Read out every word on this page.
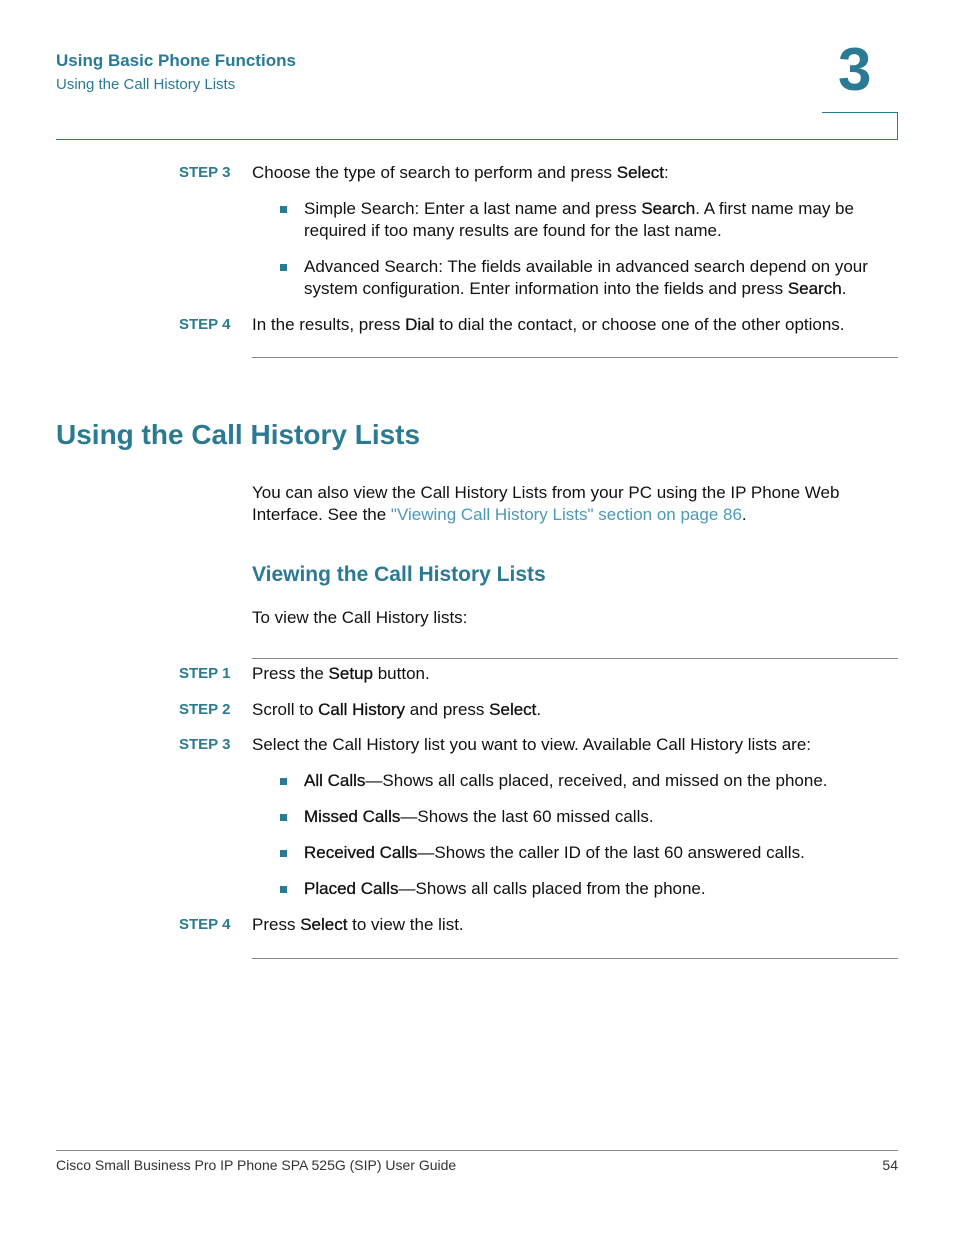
Using Basic Phone Functions
Using the Call History Lists	3
STEP 3 Choose the type of search to perform and press Select:
Simple Search: Enter a last name and press Search. A first name may be required if too many results are found for the last name.
Advanced Search: The fields available in advanced search depend on your system configuration. Enter information into the fields and press Search.
STEP 4 In the results, press Dial to dial the contact, or choose one of the other options.
Using the Call History Lists
You can also view the Call History Lists from your PC using the IP Phone Web Interface. See the "Viewing Call History Lists" section on page 86.
Viewing the Call History Lists
To view the Call History lists:
STEP 1 Press the Setup button.
STEP 2 Scroll to Call History and press Select.
STEP 3 Select the Call History list you want to view. Available Call History lists are:
All Calls—Shows all calls placed, received, and missed on the phone.
Missed Calls—Shows the last 60 missed calls.
Received Calls—Shows the caller ID of the last 60 answered calls.
Placed Calls—Shows all calls placed from the phone.
STEP 4 Press Select to view the list.
Cisco Small Business Pro IP Phone SPA 525G (SIP) User Guide	54
